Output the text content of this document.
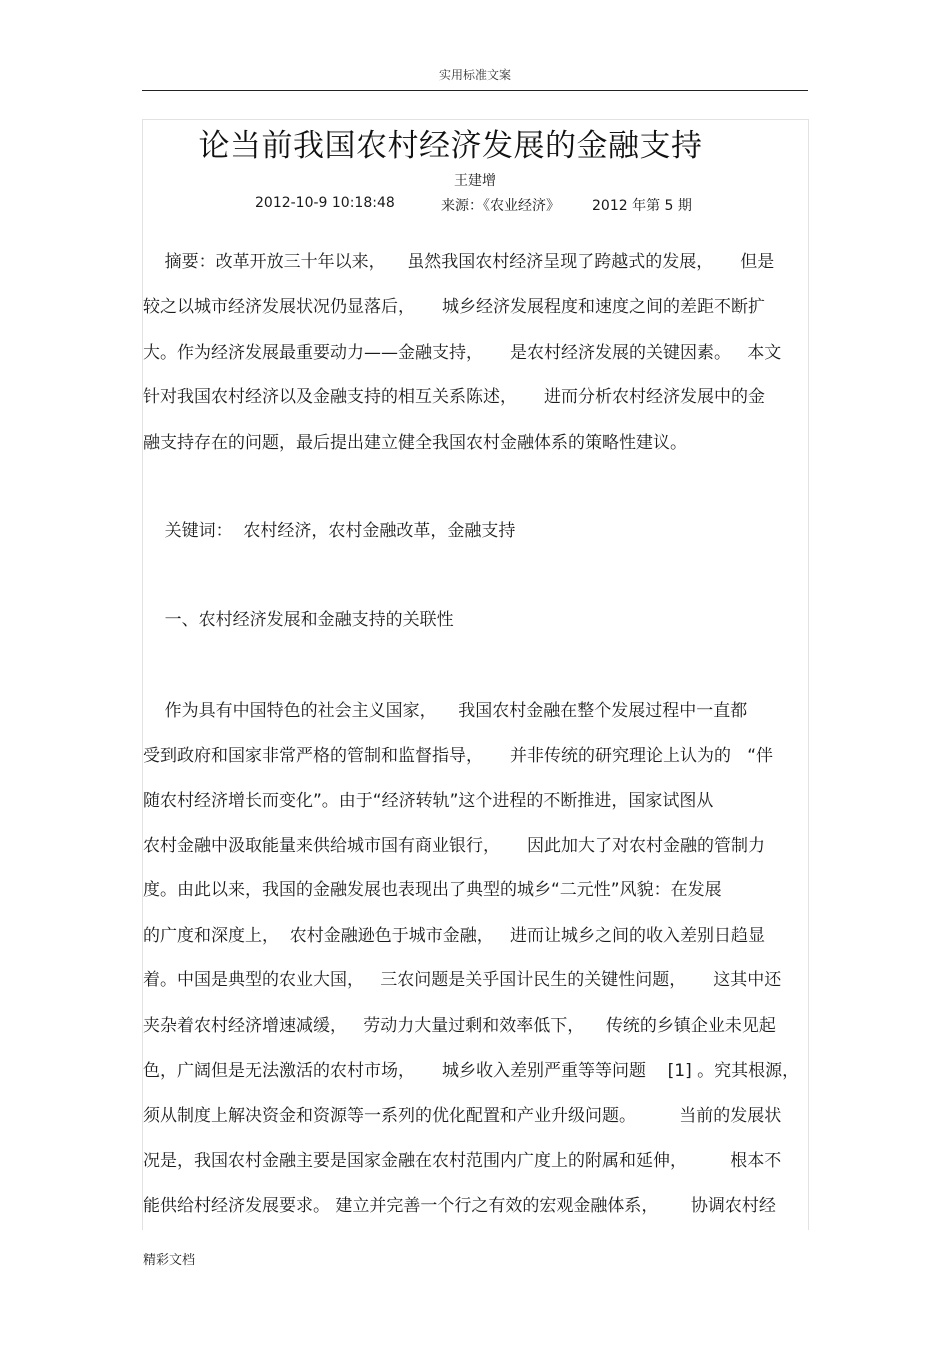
实用标准文案
论当前我国农村经济发展的金融支持
王建增
2012-10-9 10:18:48	来源：《农业经济》 2012 年第 5 期
摘要：改革开放三十年以来，    虽然我国农村经济呈现了跨越式的发展，     但是
较之以城市经济发展状况仍显落后，     城乡经济发展程度和速度之间的差距不断扩
大。作为经济发展最重要动力——金融支持，     是农村经济发展的关键因素。   本文
针对我国农村经济以及金融支持的相互关系陈述，     进而分析农村经济发展中的金
融支持存在的问题，最后提出建立健全我国农村金融体系的策略性建议。
关键词：  农村经济，农村金融改革，金融支持
一、农村经济发展和金融支持的关联性
作为具有中国特色的社会主义国家，    我国农村金融在整个发展过程中一直都
受到政府和国家非常严格的管制和监督指导，     并非传统的研究理论上认为的   “伴
随农村经济增长而变化”。由于“经济转轨”这个进程的不断推进，国家试图从
农村金融中汲取能量来供给城市国有商业银行，     因此加大了对农村金融的管制力
度。由此以来，我国的金融发展也表现出了典型的城乡“二元性”风貌：在发展
的广度和深度上，  农村金融逊色于城市金融，   进而让城乡之间的收入差别日趋显
着。中国是典型的农业大国，   三农问题是关乎国计民生的关键性问题，     这其中还
夹杂着农村经济增速减缓，   劳动力大量过剩和效率低下，    传统的乡镇企业未见起
色，广阔但是无法激活的农村市场，     城乡收入差别严重等等问题    [1] 。究其根源，
须从制度上解决资金和资源等一系列的优化配置和产业升级问题。        当前的发展状
况是，我国农村金融主要是国家金融在农村范围内广度上的附属和延伸，        根本不
能供给村经济发展要求。 建立并完善一个行之有效的宏观金融体系，      协调农村经
精彩文档
